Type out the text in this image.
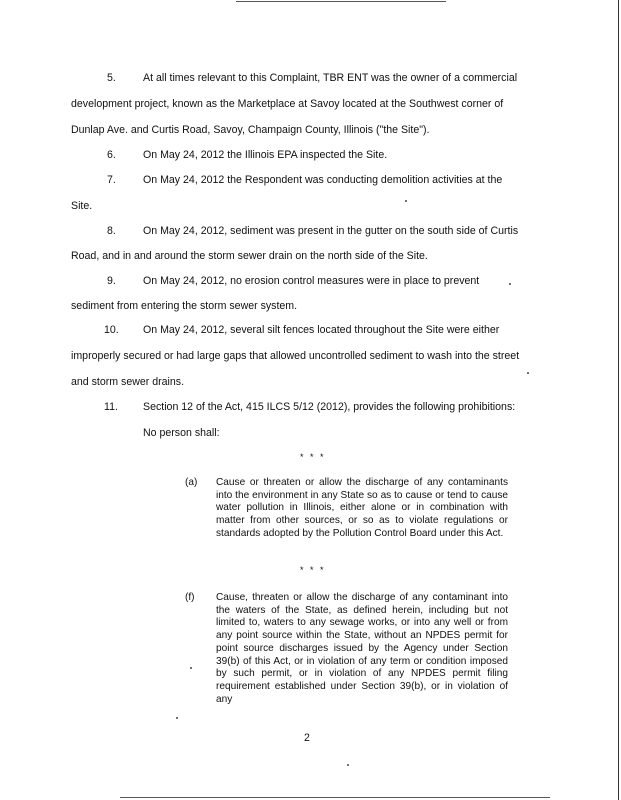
5.	At all times relevant to this Complaint, TBR ENT was the owner of a commercial
development project, known as the Marketplace at Savoy located at the Southwest corner of
Dunlap Ave. and Curtis Road, Savoy, Champaign County, Illinois ("the Site").
6.	On May 24, 2012 the Illinois EPA inspected the Site.
7.	On May 24, 2012 the Respondent was conducting demolition activities at the
Site.
8.	On May 24, 2012, sediment was present in the gutter on the south side of Curtis
Road, and in and around the storm sewer drain on the north side of the Site.
9.	On May 24, 2012, no erosion control measures were in place to prevent
sediment from entering the storm sewer system.
10. On May 24, 2012, several silt fences located throughout the Site were either
improperly secured or had large gaps that allowed uncontrolled sediment to wash into the street
and storm sewer drains.
11. Section 12 of the Act, 415 ILCS 5/12 (2012), provides the following prohibitions:
No person shall:
* * *
(a) Cause or threaten or allow the discharge of any contaminants into the environment in any State so as to cause or tend to cause water pollution in Illinois, either alone or in combination with matter from other sources, or so as to violate regulations or standards adopted by the Pollution Control Board under this Act.
* * *
(f) Cause, threaten or allow the discharge of any contaminant into the waters of the State, as defined herein, including but not limited to, waters to any sewage works, or into any well or from any point source within the State, without an NPDES permit for point source discharges issued by the Agency under Section 39(b) of this Act, or in violation of any term or condition imposed by such permit, or in violation of any NPDES permit filing requirement established under Section 39(b), or in violation of any
2
